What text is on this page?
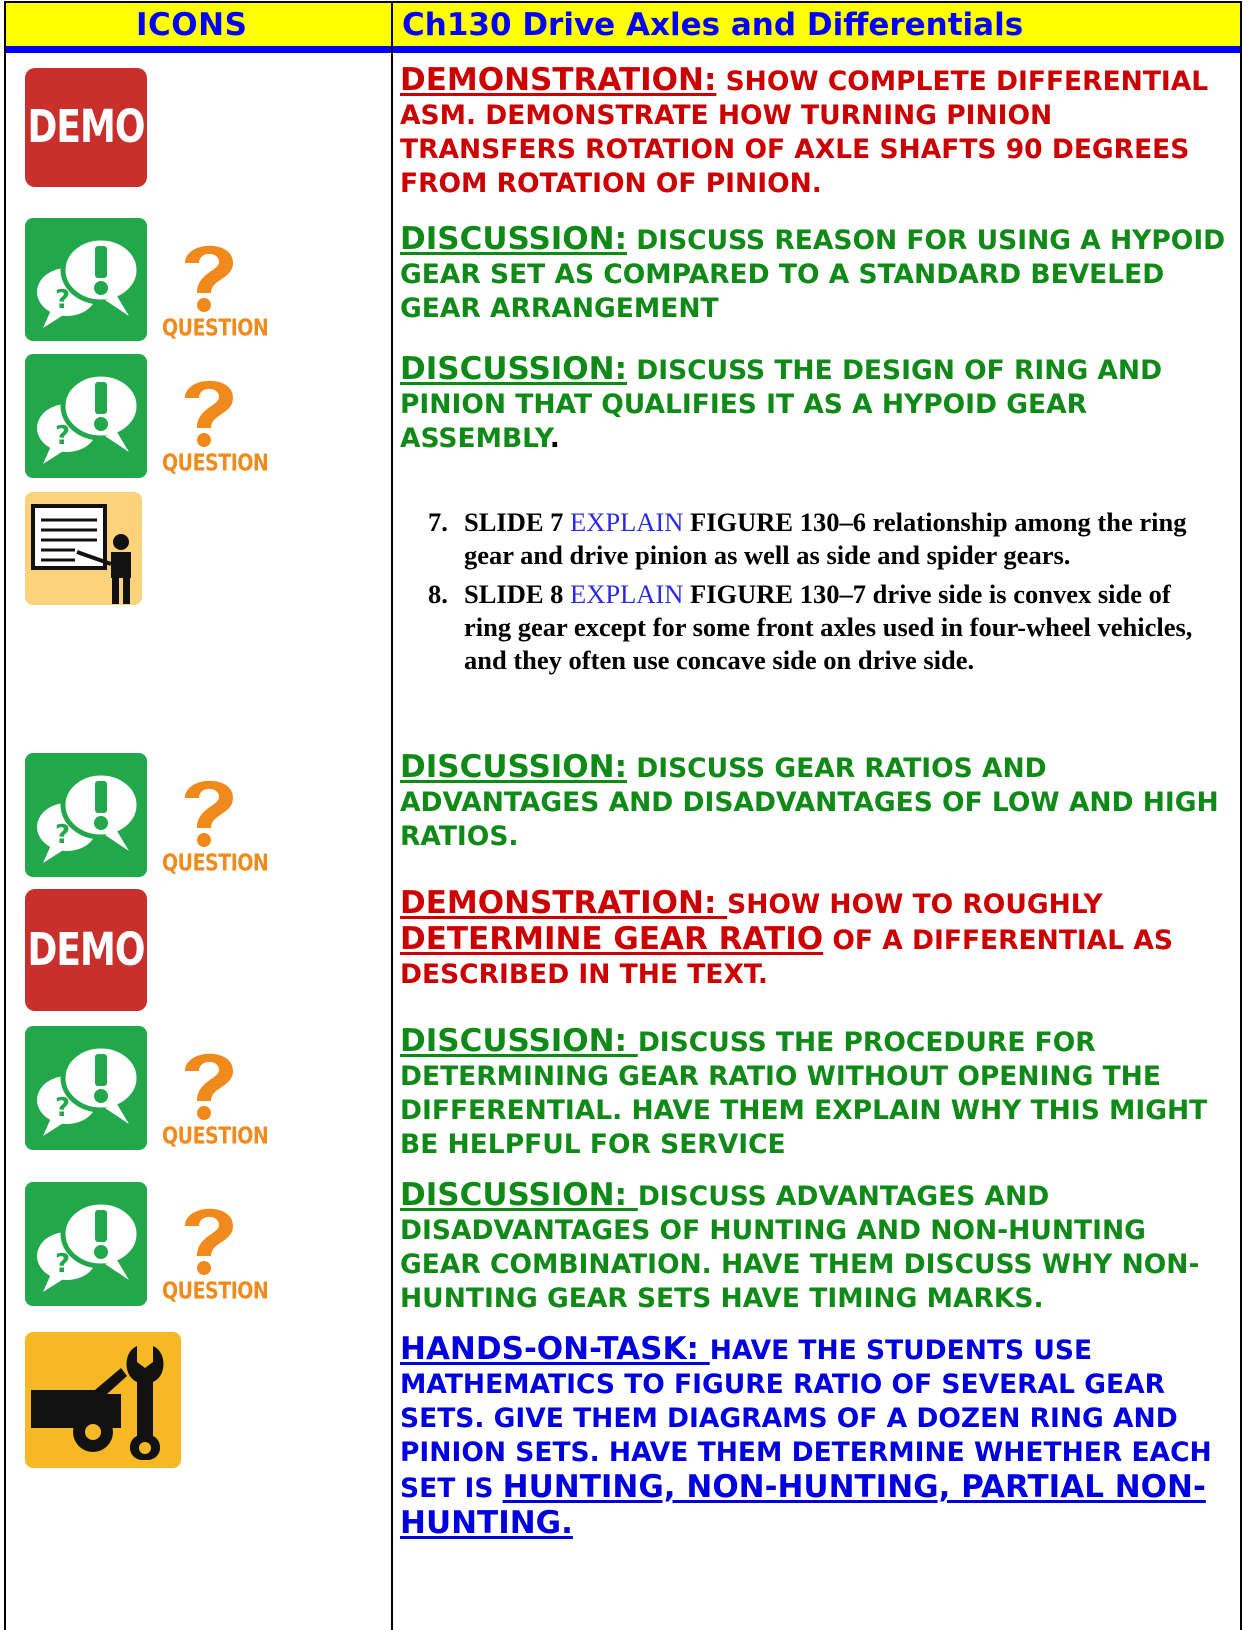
ICONS	Ch130 Drive Axles and Differentials
DEMO
?
QUESTION
?
QUESTION
?
QUESTION
DEMO
?
QUESTION
?
QUESTION
DEMONSTRATION: SHOW COMPLETE DIFFERENTIAL ASM. DEMONSTRATE HOW TURNING PINION TRANSFERS ROTATION OF AXLE SHAFTS 90 DEGREES FROM ROTATION OF PINION.
DISCUSSION: DISCUSS REASON FOR USING A HYPOID GEAR SET AS COMPARED TO A STANDARD BEVELED GEAR ARRANGEMENT
DISCUSSION: DISCUSS THE DESIGN OF RING AND PINION THAT QUALIFIES IT AS A HYPOID GEAR ASSEMBLY.
7. SLIDE 7 EXPLAIN FIGURE 130–6 relationship among the ring gear and drive pinion as well as side and spider gears.
8. SLIDE 8 EXPLAIN FIGURE 130–7 drive side is convex side of ring gear except for some front axles used in four-wheel vehicles, and they often use concave side on drive side.
DISCUSSION: DISCUSS GEAR RATIOS AND ADVANTAGES AND DISADVANTAGES OF LOW AND HIGH RATIOS.
DEMONSTRATION: SHOW HOW TO ROUGHLY DETERMINE GEAR RATIO OF A DIFFERENTIAL AS DESCRIBED IN THE TEXT.
DISCUSSION: DISCUSS THE PROCEDURE FOR DETERMINING GEAR RATIO WITHOUT OPENING THE DIFFERENTIAL. HAVE THEM EXPLAIN WHY THIS MIGHT BE HELPFUL FOR SERVICE
DISCUSSION: DISCUSS ADVANTAGES AND DISADVANTAGES OF HUNTING AND NON-HUNTING GEAR COMBINATION. HAVE THEM DISCUSS WHY NON-HUNTING GEAR SETS HAVE TIMING MARKS.
HANDS-ON-TASK: HAVE THE STUDENTS USE MATHEMATICS TO FIGURE RATIO OF SEVERAL GEAR SETS. GIVE THEM DIAGRAMS OF A DOZEN RING AND PINION SETS. HAVE THEM DETERMINE WHETHER EACH SET IS HUNTING, NON-HUNTING, PARTIAL NON-HUNTING.
